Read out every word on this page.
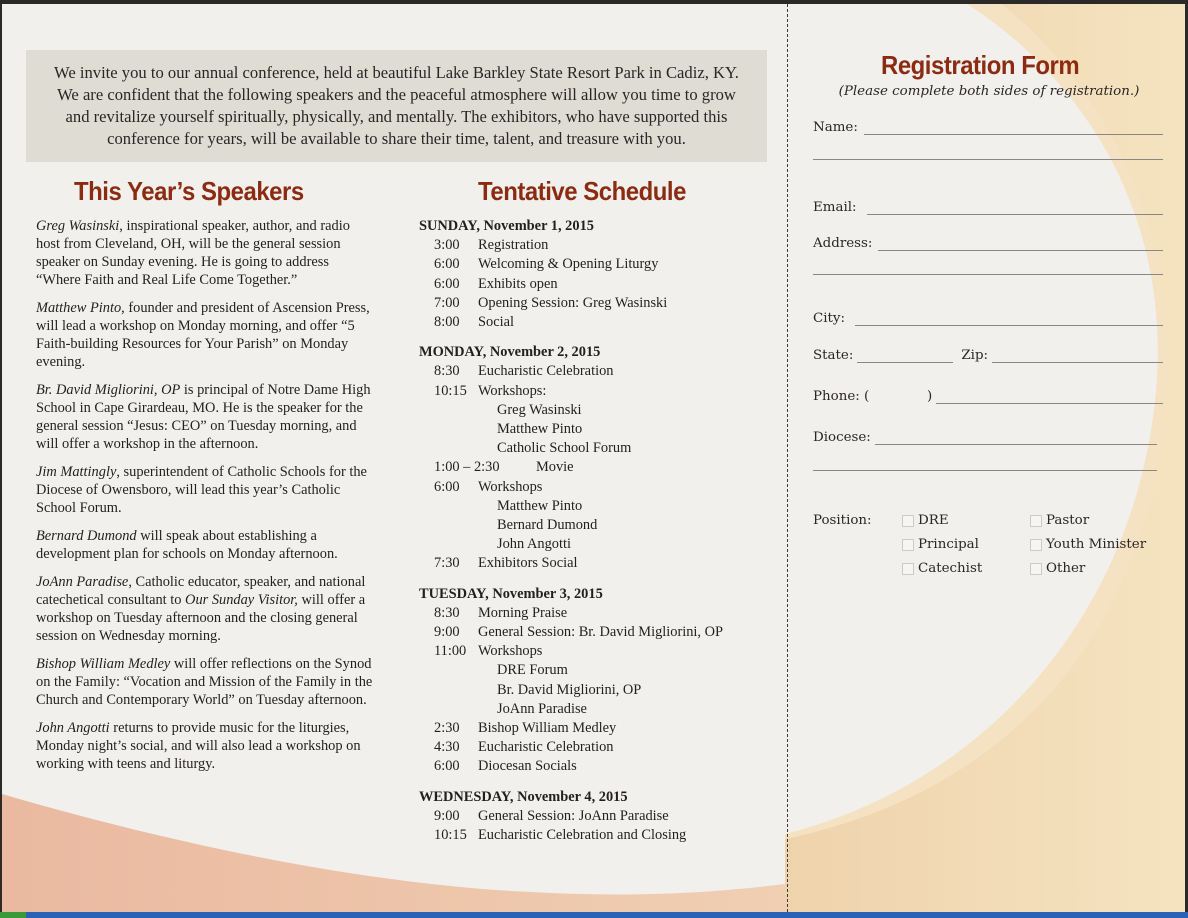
We invite you to our annual conference, held at beautiful Lake Barkley State Resort Park in Cadiz, KY.
We are confident that the following speakers and the peaceful atmosphere will allow you time to grow
and revitalize yourself spiritually, physically, and mentally. The exhibitors, who have supported this
conference for years, will be available to share their time, talent, and treasure with you.
This Year’s Speakers	Tentative Schedule

Greg Wasinski, inspirational speaker, author, and radio host from Cleveland, OH, will be the general session speaker on Sunday evening. He is going to address “Where Faith and Real Life Come Together.”

Matthew Pinto, founder and president of Ascension Press, will lead a workshop on Monday morning, and offer “5 Faith-building Resources for Your Parish” on Monday evening.

Br. David Migliorini, OP is principal of Notre Dame High School in Cape Girardeau, MO. He is the speaker for the general session “Jesus: CEO” on Tuesday morning, and will offer a workshop in the afternoon.

Jim Mattingly, superintendent of Catholic Schools for the Diocese of Owensboro, will lead this year’s Catholic School Forum.

Bernard Dumond will speak about establishing a development plan for schools on Monday afternoon.

JoAnn Paradise, Catholic educator, speaker, and national catechetical consultant to Our Sunday Visitor, will offer a workshop on Tuesday afternoon and the closing general session on Wednesday morning.

Bishop William Medley will offer reflections on the Synod on the Family: “Vocation and Mission of the Family in the Church and Contemporary World” on Tuesday afternoon.

John Angotti returns to provide music for the liturgies, Monday night’s social, and will also lead a workshop on working with teens and liturgy.

SUNDAY, November 1, 2015
3:00	Registration
6:00	Welcoming & Opening Liturgy
6:00	Exhibits open
7:00	Opening Session: Greg Wasinski
8:00	Social
MONDAY, November 2, 2015
8:30	Eucharistic Celebration
10:15 Workshops:
Greg Wasinski
Matthew Pinto
Catholic School Forum
1:00 – 2:30	Movie
6:00	Workshops
Matthew Pinto
Bernard Dumond
John Angotti
7:30	Exhibitors Social
TUESDAY, November 3, 2015
8:30	Morning Praise
9:00	General Session: Br. David Migliorini, OP
11:00 Workshops
DRE Forum
Br. David Migliorini, OP
JoAnn Paradise
2:30	Bishop William Medley
4:30	Eucharistic Celebration
6:00	Diocesan Socials
WEDNESDAY, November 4, 2015
9:00	General Session: JoAnn Paradise
10:15 Eucharistic Celebration and Closing
Registration Form
(Please complete both sides of registration.)
Name:
Email:
Address:
City:
State:	Zip:
Phone: (	)
Diocese:
Position:	DRE	Pastor
Principal	Youth Minister
Catechist	Other
